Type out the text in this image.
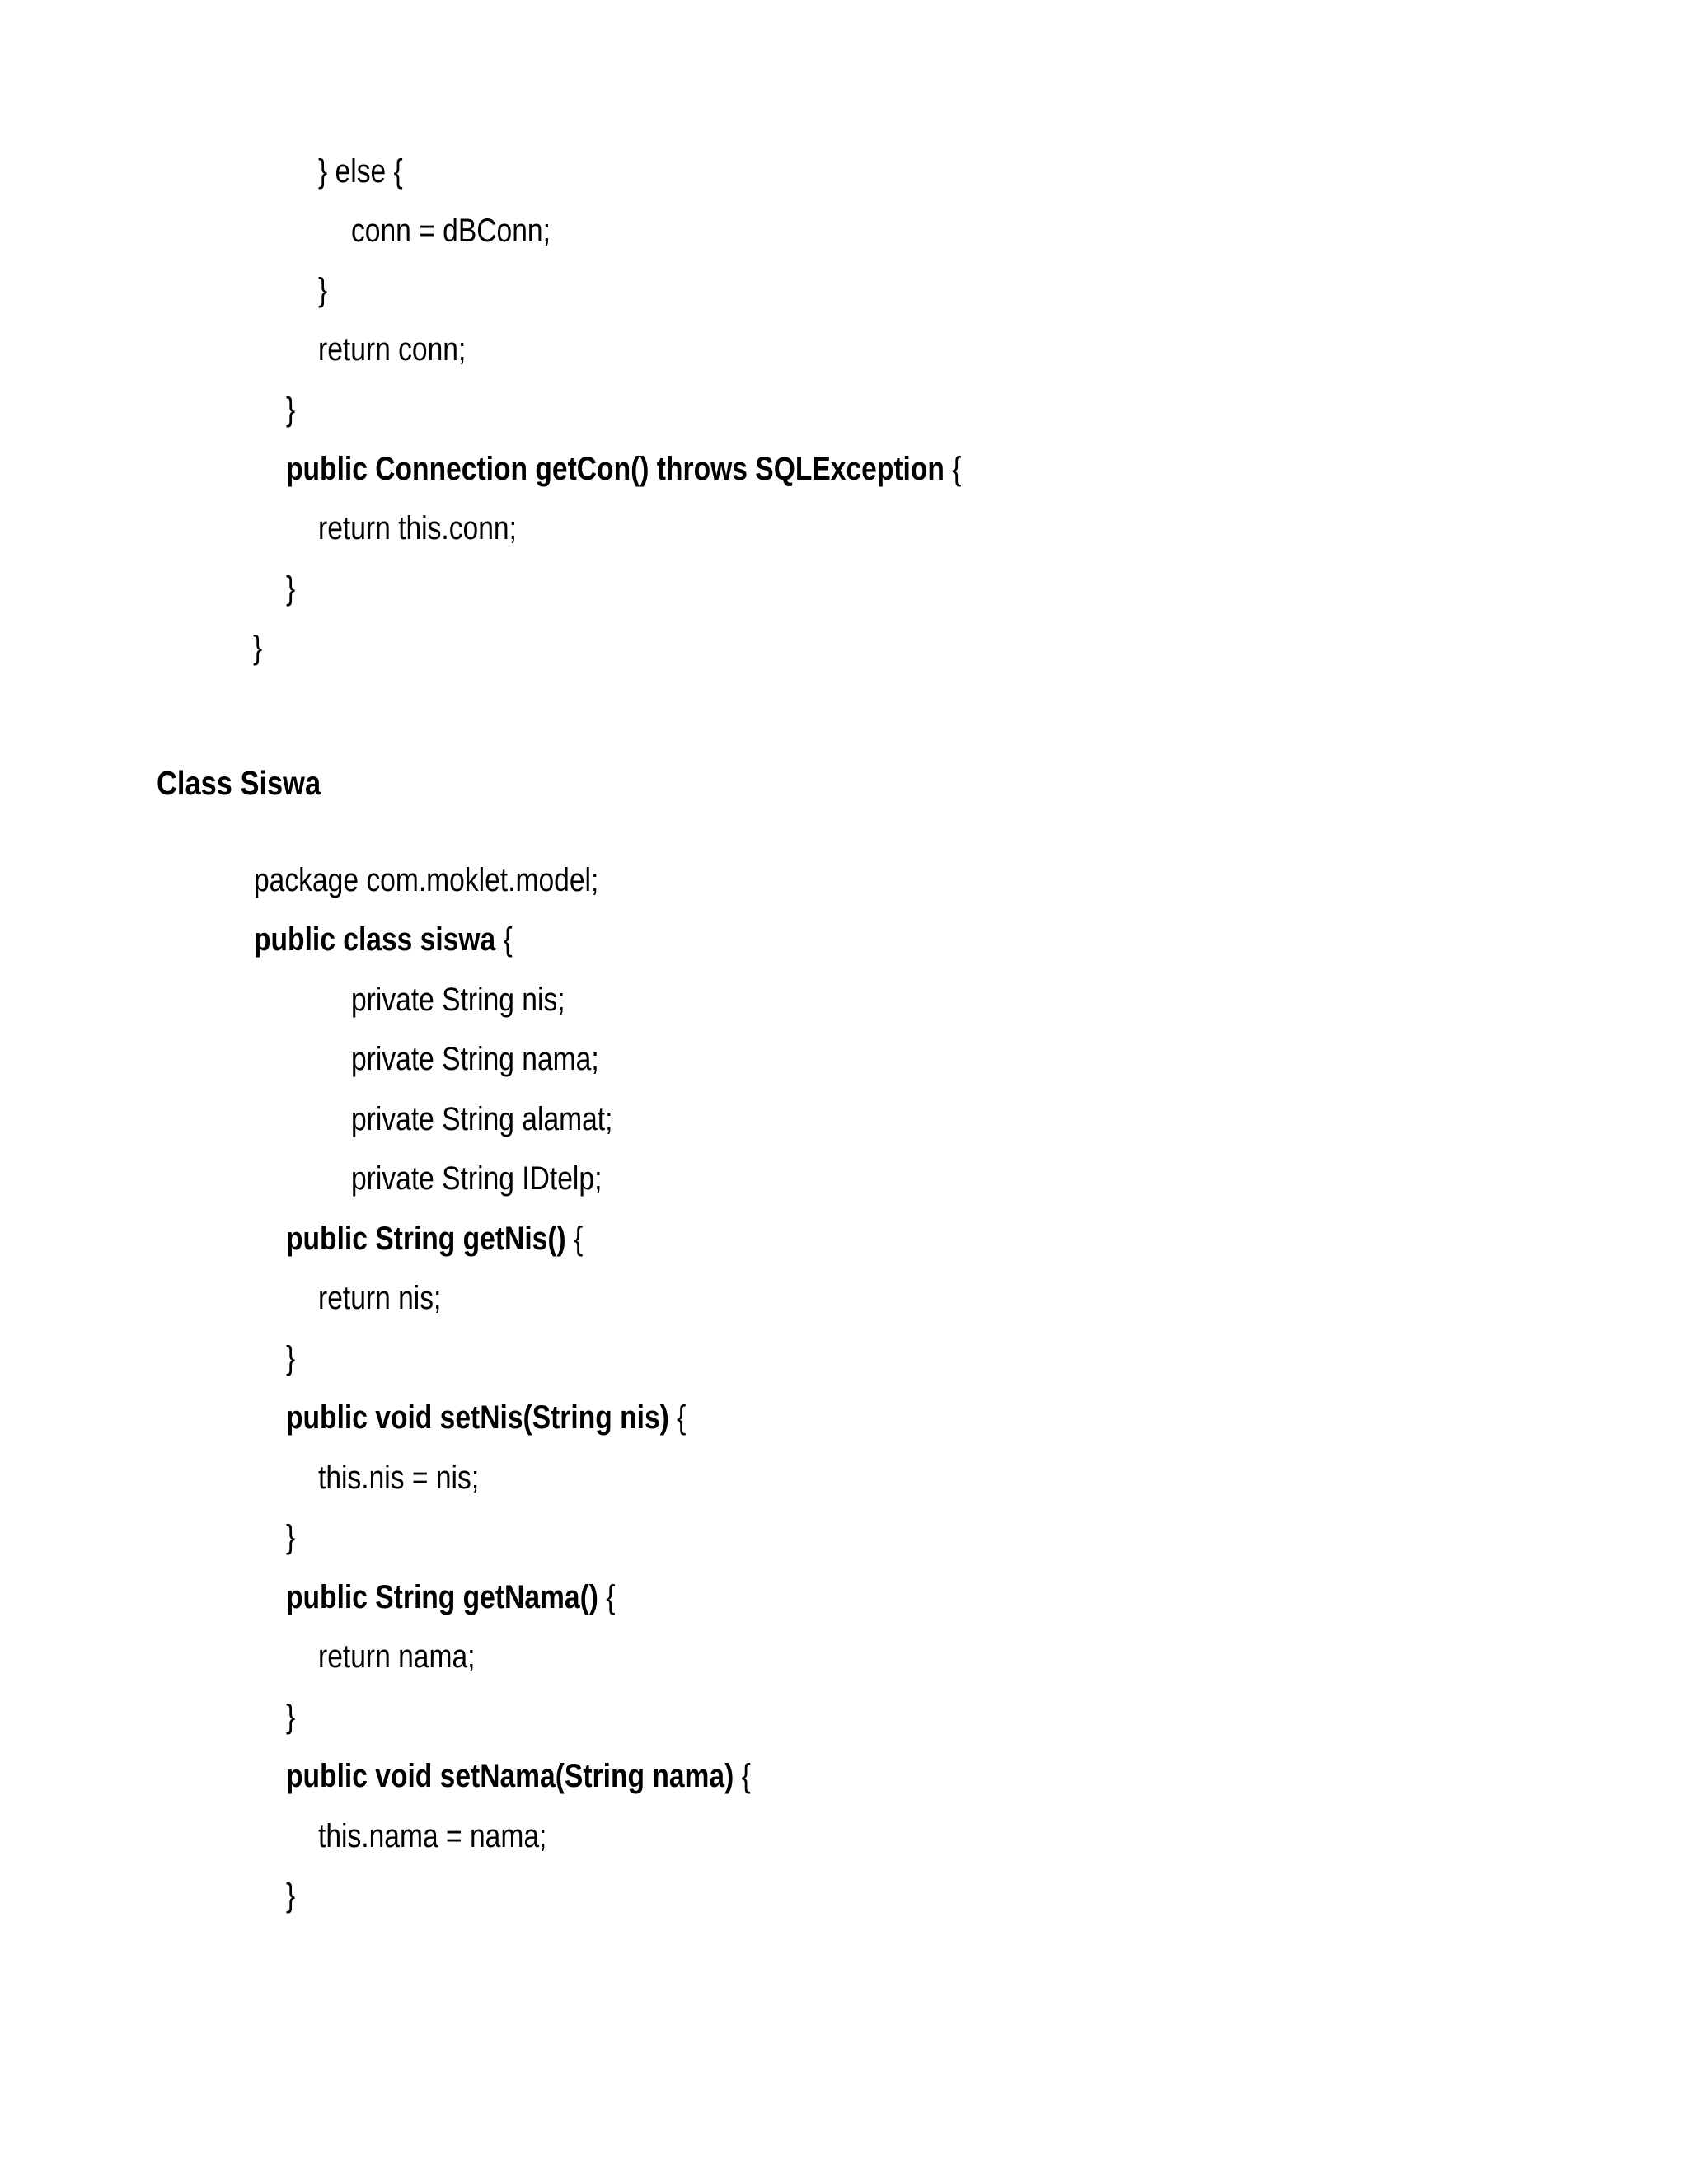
} else {
conn = dBConn;
}
return conn;
}
public Connection getCon() throws SQLException {
return this.conn;
}
}
Class Siswa
package com.moklet.model;
public class siswa {
private String nis;
private String nama;
private String alamat;
private String IDtelp;
public String getNis() {
return nis;
}
public void setNis(String nis) {
this.nis = nis;
}
public String getNama() {
return nama;
}
public void setNama(String nama) {
this.nama = nama;
}
